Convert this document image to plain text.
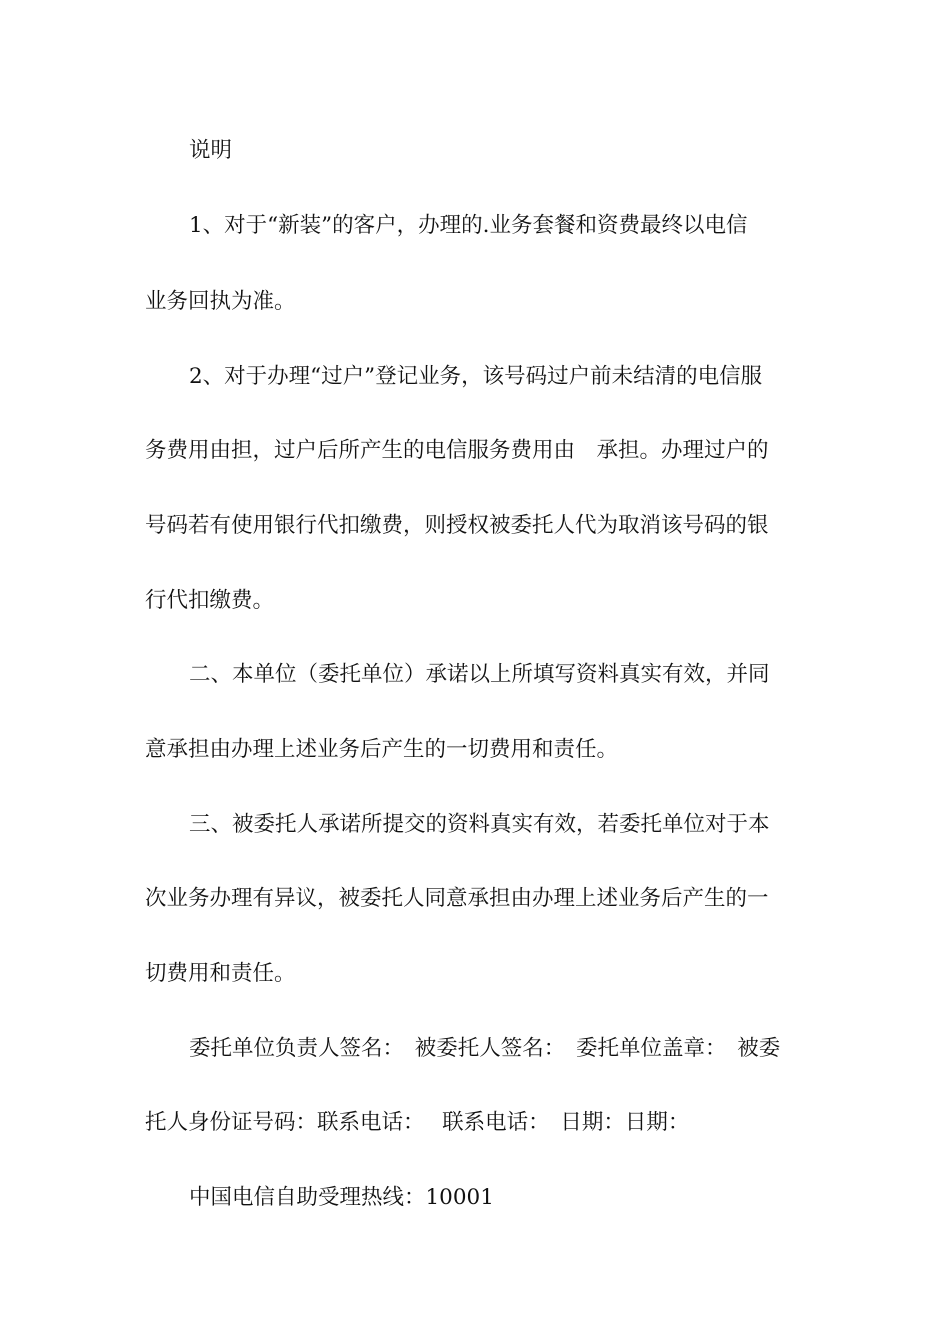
说明

1、对于“新装”的客户，办理的.业务套餐和资费最终以电信

业务回执为准。

2、对于办理“过户”登记业务，该号码过户前未结清的电信服

务费用由担，过户后所产生的电信服务费用由　承担。办理过户的

号码若有使用银行代扣缴费，则授权被委托人代为取消该号码的银

行代扣缴费。

二、本单位（委托单位）承诺以上所填写资料真实有效，并同

意承担由办理上述业务后产生的一切费用和责任。

三、被委托人承诺所提交的资料真实有效，若委托单位对于本

次业务办理有异议，被委托人同意承担由办理上述业务后产生的一

切费用和责任。

委托单位负责人签名：　被委托人签名：　委托单位盖章：　被委

托人身份证号码：联系电话：　 联系电话：　日期：日期：

中国电信自助受理热线：10001
